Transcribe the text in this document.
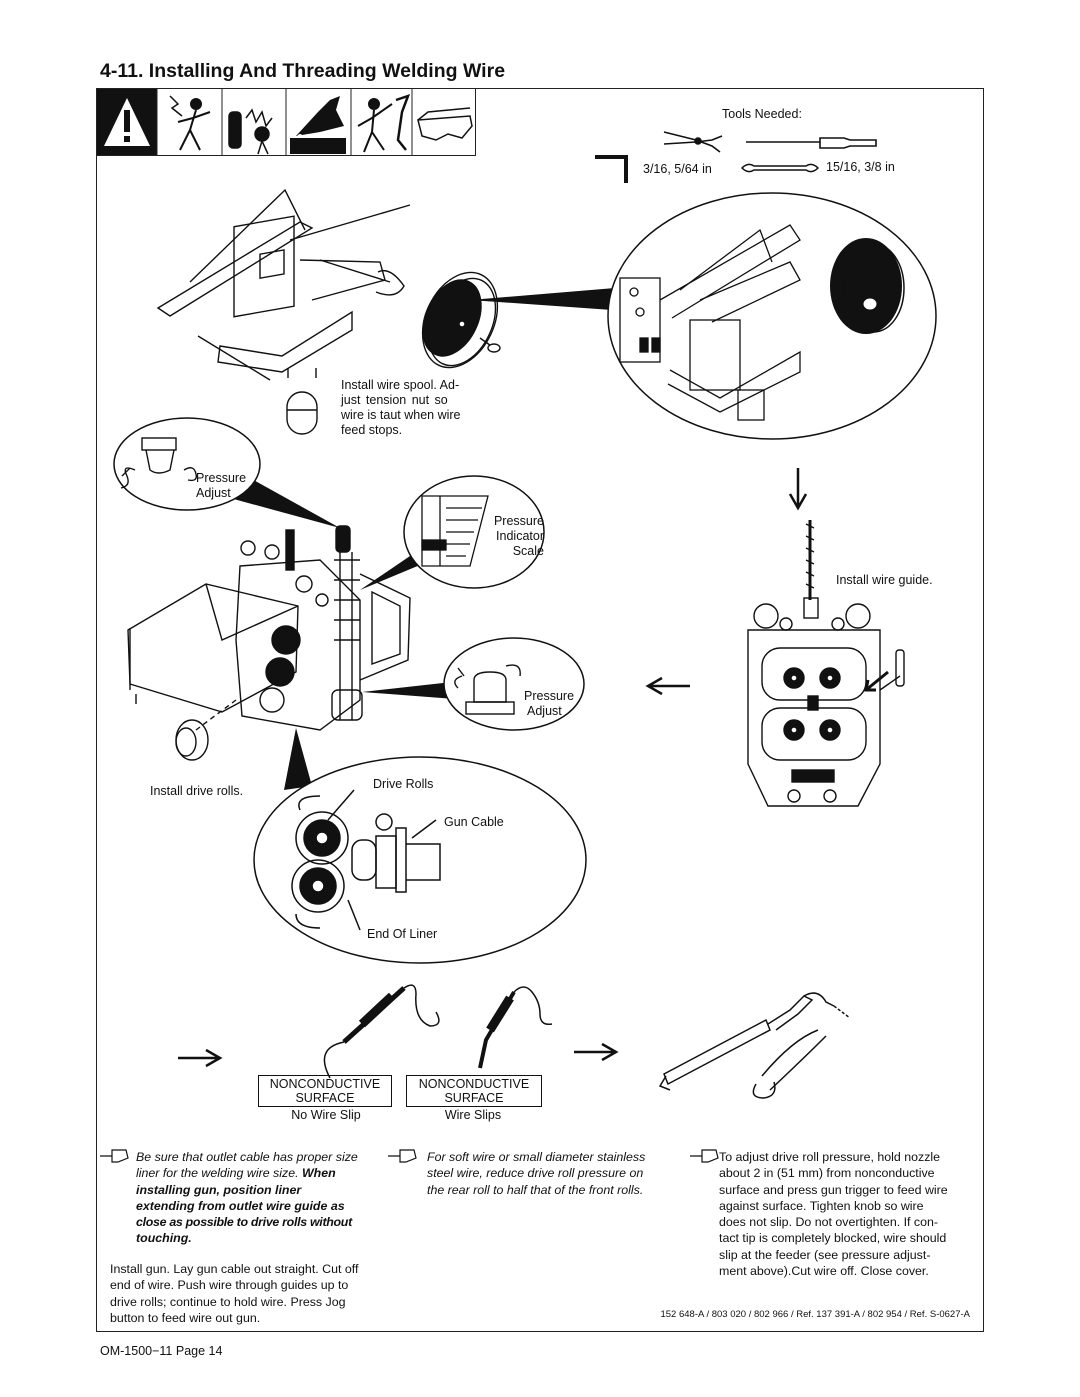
4-11. Installing And Threading Welding Wire
Tools Needed:
3/16, 5/64 in	15/16, 3/8 in
Install wire spool. Ad-
just tension nut so
wire is taut when wire
feed stops.
Pressure
Adjust
Pressure
Indicator
Scale
Install wire guide.
Pressure
Adjust
Install drive rolls.	Drive Rolls
Gun Cable
End Of Liner
NONCONDUCTIVE
SURFACE
NONCONDUCTIVE
SURFACE
No Wire Slip	Wire Slips
Be sure that outlet cable has proper size
liner for the welding wire size. When
installing gun, position liner
extending from outlet wire guide as
close as possible to drive rolls without
touching.
For soft wire or small diameter stainless
steel wire, reduce drive roll pressure on
the rear roll to half that of the front rolls.
To adjust drive roll pressure, hold nozzle
about 2 in (51 mm) from nonconductive
surface and press gun trigger to feed wire
against surface. Tighten knob so wire
does not slip. Do not overtighten. If con-
tact tip is completely blocked, wire should
slip at the feeder (see pressure adjust-
ment above).Cut wire off. Close cover.
Install gun. Lay gun cable out straight. Cut off
end of wire. Push wire through guides up to
drive rolls; continue to hold wire. Press Jog
button to feed wire out gun.	152 648-A / 803 020 / 802 966 / Ref. 137 391-A / 802 954 / Ref. S-0627-A
OM-1500−11 Page 14
